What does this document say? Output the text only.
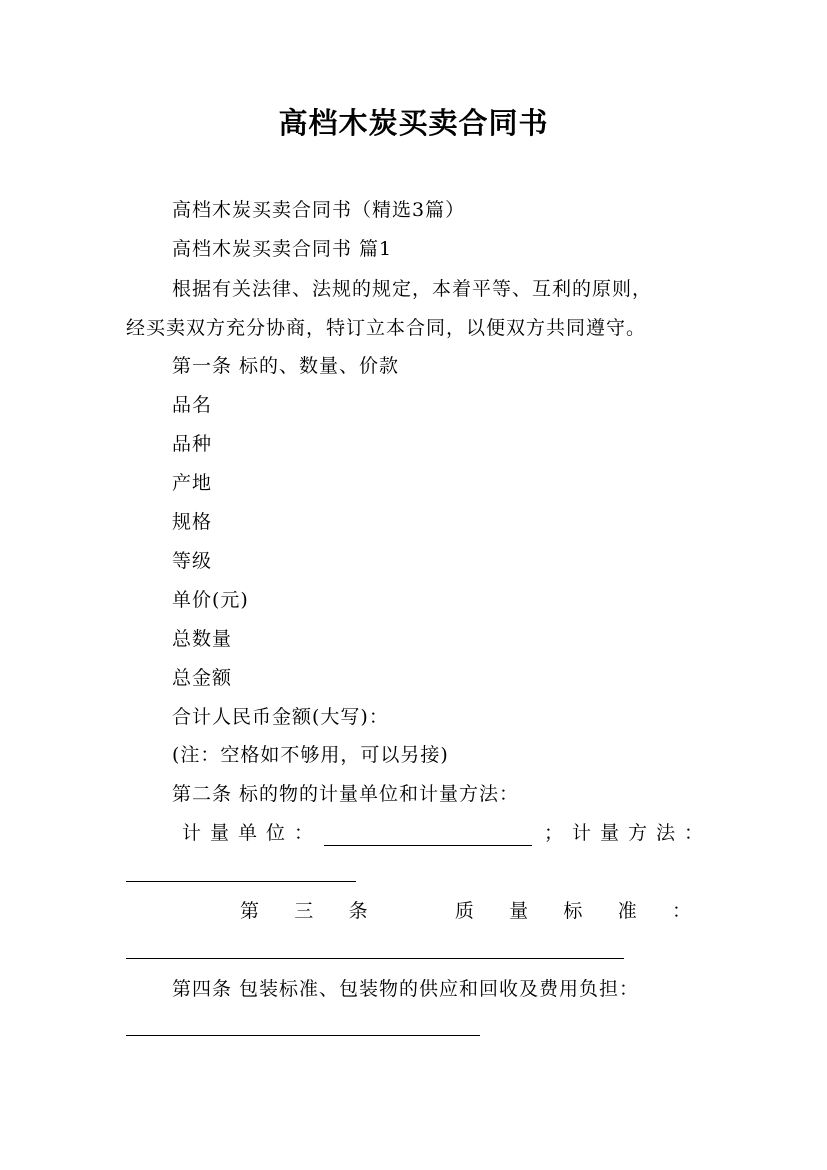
高档木炭买卖合同书
高档木炭买卖合同书（精选3篇）
高档木炭买卖合同书 篇1
根据有关法律、法规的规定，本着平等、互利的原则，
经买卖双方充分协商，特订立本合同，以便双方共同遵守。
第一条 标的、数量、价款
品名
品种
产地
规格
等级
单价(元)
总数量
总金额
合计人民币金额(大写)：
(注：空格如不够用，可以另接)
第二条 标的物的计量单位和计量方法：
计量单位：	；计量方法：
第 三 条	质 量 标 准 ：
第四条 包装标准、包装物的供应和回收及费用负担：
